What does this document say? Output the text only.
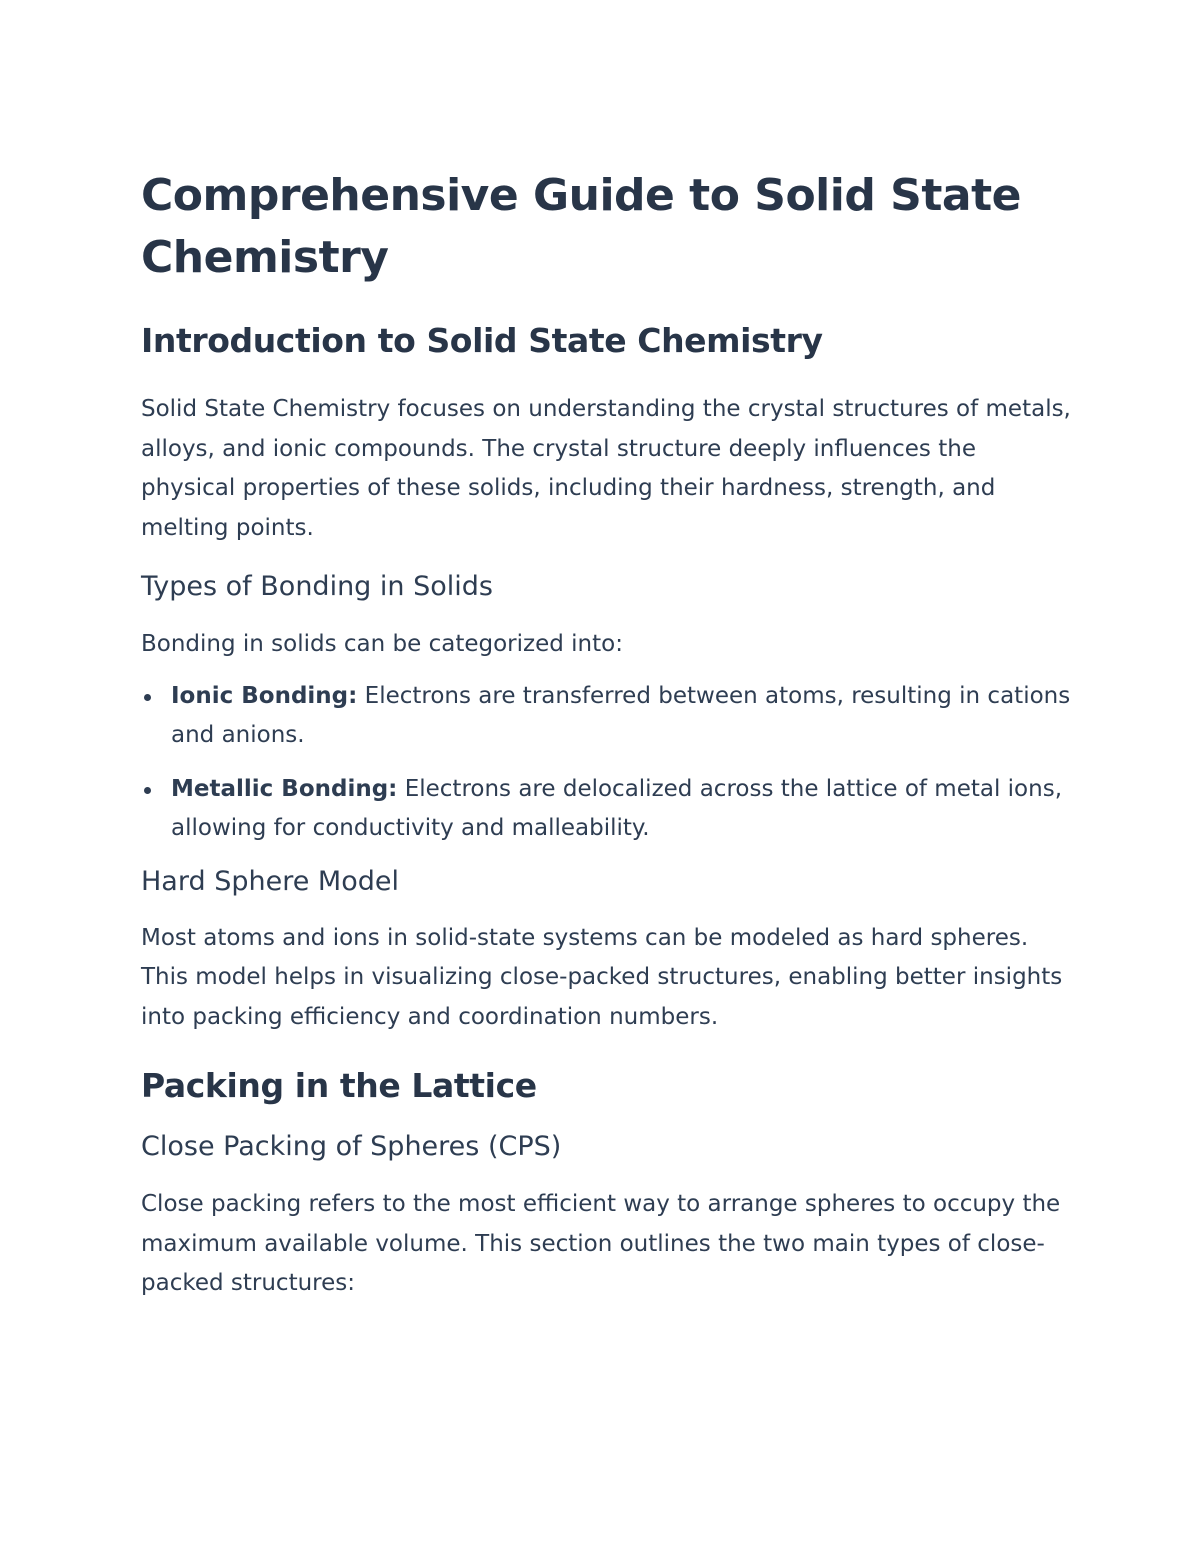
Comprehensive Guide to Solid State Chemistry
Introduction to Solid State Chemistry

Solid State Chemistry focuses on understanding the crystal structures of metals, alloys, and ionic compounds. The crystal structure deeply influences the physical properties of these solids, including their hardness, strength, and melting points.

Types of Bonding in Solids

Bonding in solids can be categorized into:

Ionic Bonding: Electrons are transferred between atoms, resulting in cations and anions.
Metallic Bonding: Electrons are delocalized across the lattice of metal ions, allowing for conductivity and malleability.
Hard Sphere Model

Most atoms and ions in solid-state systems can be modeled as hard spheres. This model helps in visualizing close-packed structures, enabling better insights into packing efficiency and coordination numbers.

Packing in the Lattice
Close Packing of Spheres (CPS)

Close packing refers to the most efficient way to arrange spheres to occupy the maximum available volume. This section outlines the two main types of close-packed structures:
